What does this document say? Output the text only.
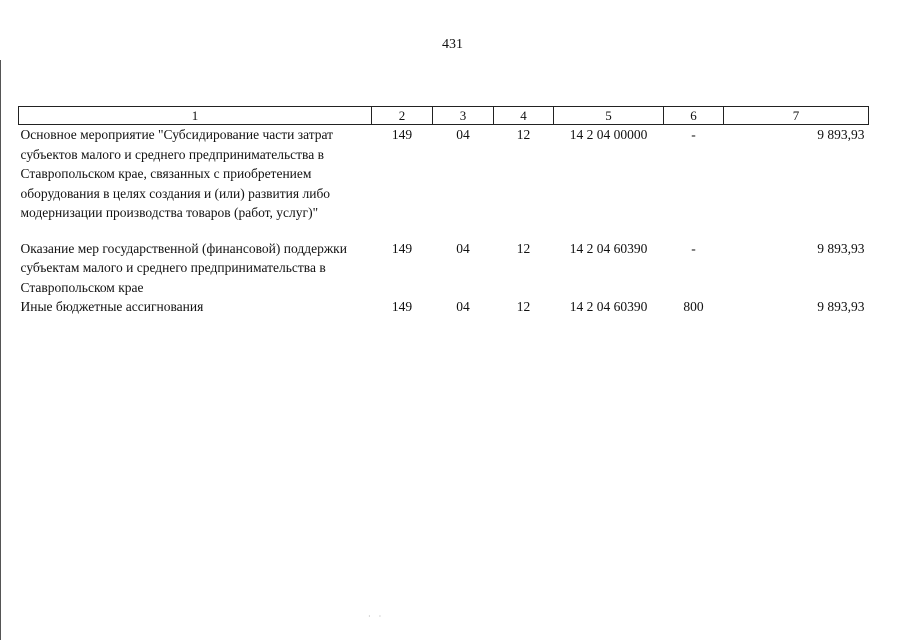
431
1	2	3	4	5	6	7
Основное мероприятие "Субсидирование части затрат субъектов малого и среднего предпринимательства в Ставропольском крае, связанных с приобретением оборудования в целях создания и (или) развития либо модернизации производства товаров (работ, услуг)"	149	04	12	14 2 04 00000	-	9 893,93

Оказание мер государственной (финансовой) поддержки субъектам малого и среднего предпринимательства в Ставропольском крае	149	04	12	14 2 04 60390	-	9 893,93
Иные бюджетные ассигнования	149	04	12	14 2 04 60390	800	9 893,93
· ·
